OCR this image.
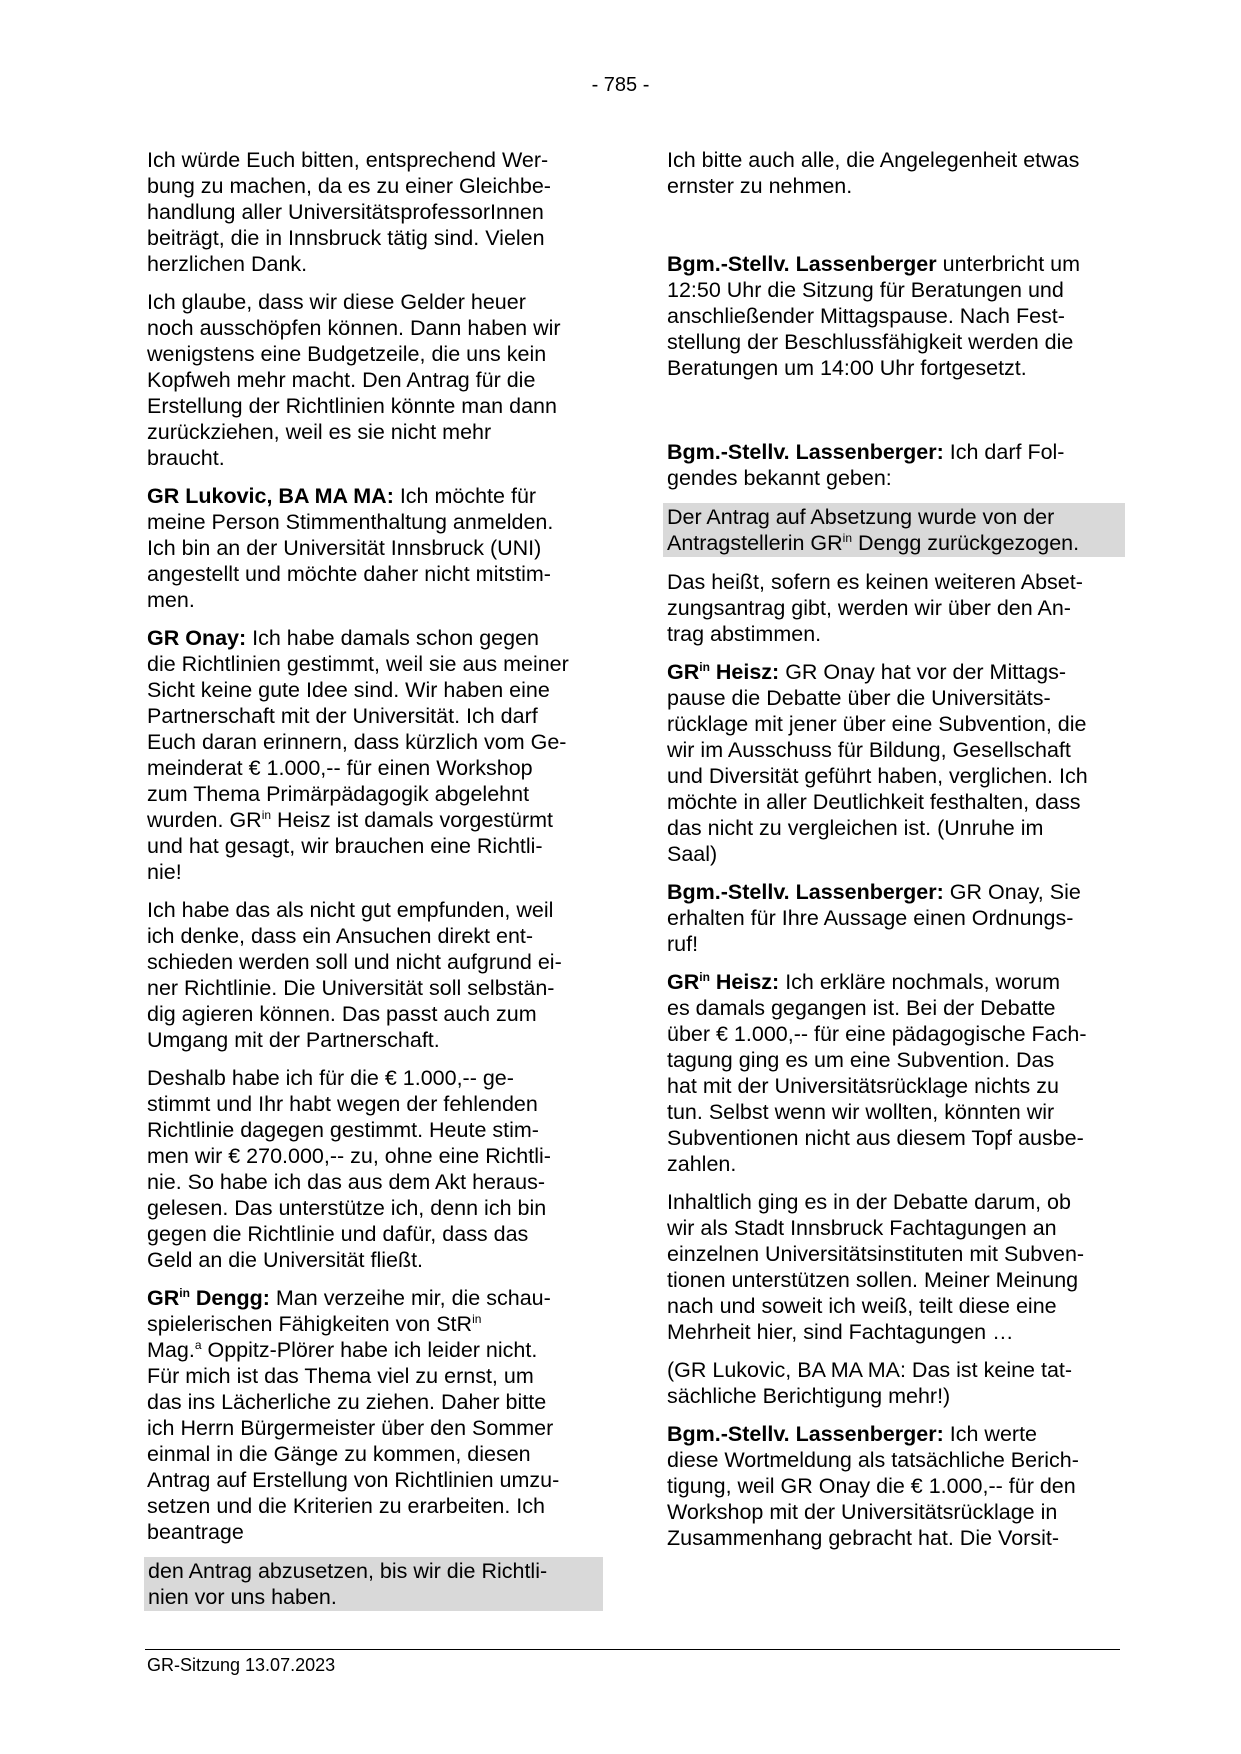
- 785 -

Ich würde Euch bitten, entsprechend Wer-
bung zu machen, da es zu einer Gleichbe-
handlung aller UniversitätsprofessorInnen
beiträgt, die in Innsbruck tätig sind. Vielen
herzlichen Dank.

Ich glaube, dass wir diese Gelder heuer
noch ausschöpfen können. Dann haben wir
wenigstens eine Budgetzeile, die uns kein
Kopfweh mehr macht. Den Antrag für die
Erstellung der Richtlinien könnte man dann
zurückziehen, weil es sie nicht mehr
braucht.

GR Lukovic, BA MA MA: Ich möchte für
meine Person Stimmenthaltung anmelden.
Ich bin an der Universität Innsbruck (UNI)
angestellt und möchte daher nicht mitstim-
men.

GR Onay: Ich habe damals schon gegen
die Richtlinien gestimmt, weil sie aus meiner
Sicht keine gute Idee sind. Wir haben eine
Partnerschaft mit der Universität. Ich darf
Euch daran erinnern, dass kürzlich vom Ge-
meinderat € 1.000,-- für einen Workshop
zum Thema Primärpädagogik abgelehnt
wurden. $GR^{in}$ Heisz ist damals vorgestürmt
und hat gesagt, wir brauchen eine Richtli-
nie!

Ich habe das als nicht gut empfunden, weil
ich denke, dass ein Ansuchen direkt ent-
schieden werden soll und nicht aufgrund ei-
ner Richtlinie. Die Universität soll selbstän-
dig agieren können. Das passt auch zum
Umgang mit der Partnerschaft.

Deshalb habe ich für die € 1.000,-- ge-
stimmt und Ihr habt wegen der fehlenden
Richtlinie dagegen gestimmt. Heute stim-
men wir € 270.000,-- zu, ohne eine Richtli-
nie. So habe ich das aus dem Akt heraus-
gelesen. Das unterstütze ich, denn ich bin
gegen die Richtlinie und dafür, dass das
Geld an die Universität fließt.

$GR^{in}$ Dengg: Man verzeihe mir, die schau-
spielerischen Fähigkeiten von StR$^{in}$
Mag.$^a$ Oppitz-Plörer habe ich leider nicht.
Für mich ist das Thema viel zu ernst, um
das ins Lächerliche zu ziehen. Daher bitte
ich Herrn Bürgermeister über den Sommer
einmal in die Gänge zu kommen, diesen
Antrag auf Erstellung von Richtlinien umzu-
setzen und die Kriterien zu erarbeiten. Ich
beantrage

den Antrag abzusetzen, bis wir die Richtli-
nien vor uns haben.

Ich bitte auch alle, die Angelegenheit etwas
ernster zu nehmen.

Bgm.-Stellv. Lassenberger unterbricht um
12:50 Uhr die Sitzung für Beratungen und
anschließender Mittagspause. Nach Fest-
stellung der Beschlussfähigkeit werden die
Beratungen um 14:00 Uhr fortgesetzt.

Bgm.-Stellv. Lassenberger: Ich darf Fol-
gendes bekannt geben:

Der Antrag auf Absetzung wurde von der
Antragstellerin $GR^{in}$ Dengg zurückgezogen.

Das heißt, sofern es keinen weiteren Abset-
zungsantrag gibt, werden wir über den An-
trag abstimmen.

$GR^{in}$ Heisz: GR Onay hat vor der Mittags-
pause die Debatte über die Universitäts-
rücklage mit jener über eine Subvention, die
wir im Ausschuss für Bildung, Gesellschaft
und Diversität geführt haben, verglichen. Ich
möchte in aller Deutlichkeit festhalten, dass
das nicht zu vergleichen ist. (Unruhe im
Saal)

Bgm.-Stellv. Lassenberger: GR Onay, Sie
erhalten für Ihre Aussage einen Ordnungs-
ruf!

$GR^{in}$ Heisz: Ich erkläre nochmals, worum
es damals gegangen ist. Bei der Debatte
über € 1.000,-- für eine pädagogische Fach-
tagung ging es um eine Subvention. Das
hat mit der Universitätsrücklage nichts zu
tun. Selbst wenn wir wollten, könnten wir
Subventionen nicht aus diesem Topf ausbe-
zahlen.

Inhaltlich ging es in der Debatte darum, ob
wir als Stadt Innsbruck Fachtagungen an
einzelnen Universitätsinstituten mit Subven-
tionen unterstützen sollen. Meiner Meinung
nach und soweit ich weiß, teilt diese eine
Mehrheit hier, sind Fachtagungen …

(GR Lukovic, BA MA MA: Das ist keine tat-
sächliche Berichtigung mehr!)

Bgm.-Stellv. Lassenberger: Ich werte
diese Wortmeldung als tatsächliche Berich-
tigung, weil GR Onay die € 1.000,-- für den
Workshop mit der Universitätsrücklage in
Zusammenhang gebracht hat. Die Vorsit-

GR-Sitzung 13.07.2023
